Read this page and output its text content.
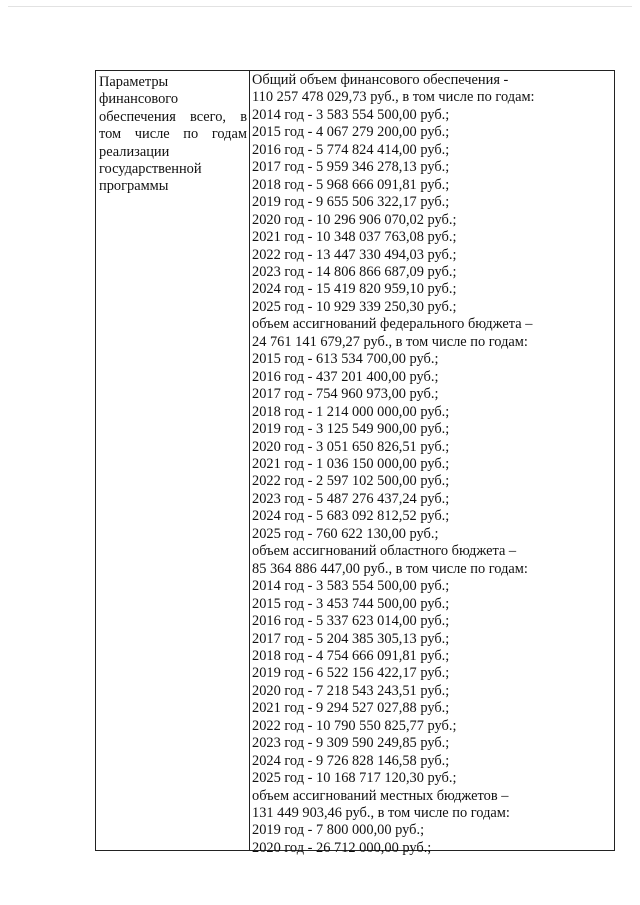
Параметры
финансового
обеспечения всего, в
том числе по годам
реализации
государственной
программы
Общий объем финансового обеспечения -
110 257 478 029,73 руб., в том числе по годам:
2014 год - 3 583 554 500,00 руб.;
2015 год - 4 067 279 200,00 руб.;
2016 год - 5 774 824 414,00 руб.;
2017 год - 5 959 346 278,13 руб.;
2018 год - 5 968 666 091,81 руб.;
2019 год - 9 655 506 322,17 руб.;
2020 год - 10 296 906 070,02 руб.;
2021 год - 10 348 037 763,08 руб.;
2022 год - 13 447 330 494,03 руб.;
2023 год - 14 806 866 687,09 руб.;
2024 год - 15 419 820 959,10 руб.;
2025 год - 10 929 339 250,30 руб.;
объем ассигнований федерального бюджета –
24 761 141 679,27 руб., в том числе по годам:
2015 год - 613 534 700,00 руб.;
2016 год - 437 201 400,00 руб.;
2017 год - 754 960 973,00 руб.;
2018 год - 1 214 000 000,00 руб.;
2019 год - 3 125 549 900,00 руб.;
2020 год - 3 051 650 826,51 руб.;
2021 год - 1 036 150 000,00 руб.;
2022 год - 2 597 102 500,00 руб.;
2023 год - 5 487 276 437,24 руб.;
2024 год - 5 683 092 812,52 руб.;
2025 год - 760 622 130,00 руб.;
объем ассигнований областного бюджета –
85 364 886 447,00 руб., в том числе по годам:
2014 год - 3 583 554 500,00 руб.;
2015 год - 3 453 744 500,00 руб.;
2016 год - 5 337 623 014,00 руб.;
2017 год - 5 204 385 305,13 руб.;
2018 год - 4 754 666 091,81 руб.;
2019 год - 6 522 156 422,17 руб.;
2020 год - 7 218 543 243,51 руб.;
2021 год - 9 294 527 027,88 руб.;
2022 год - 10 790 550 825,77 руб.;
2023 год - 9 309 590 249,85 руб.;
2024 год - 9 726 828 146,58 руб.;
2025 год - 10 168 717 120,30 руб.;
объем ассигнований местных бюджетов –
131 449 903,46 руб., в том числе по годам:
2019 год - 7 800 000,00 руб.;
2020 год - 26 712 000,00 руб.;
